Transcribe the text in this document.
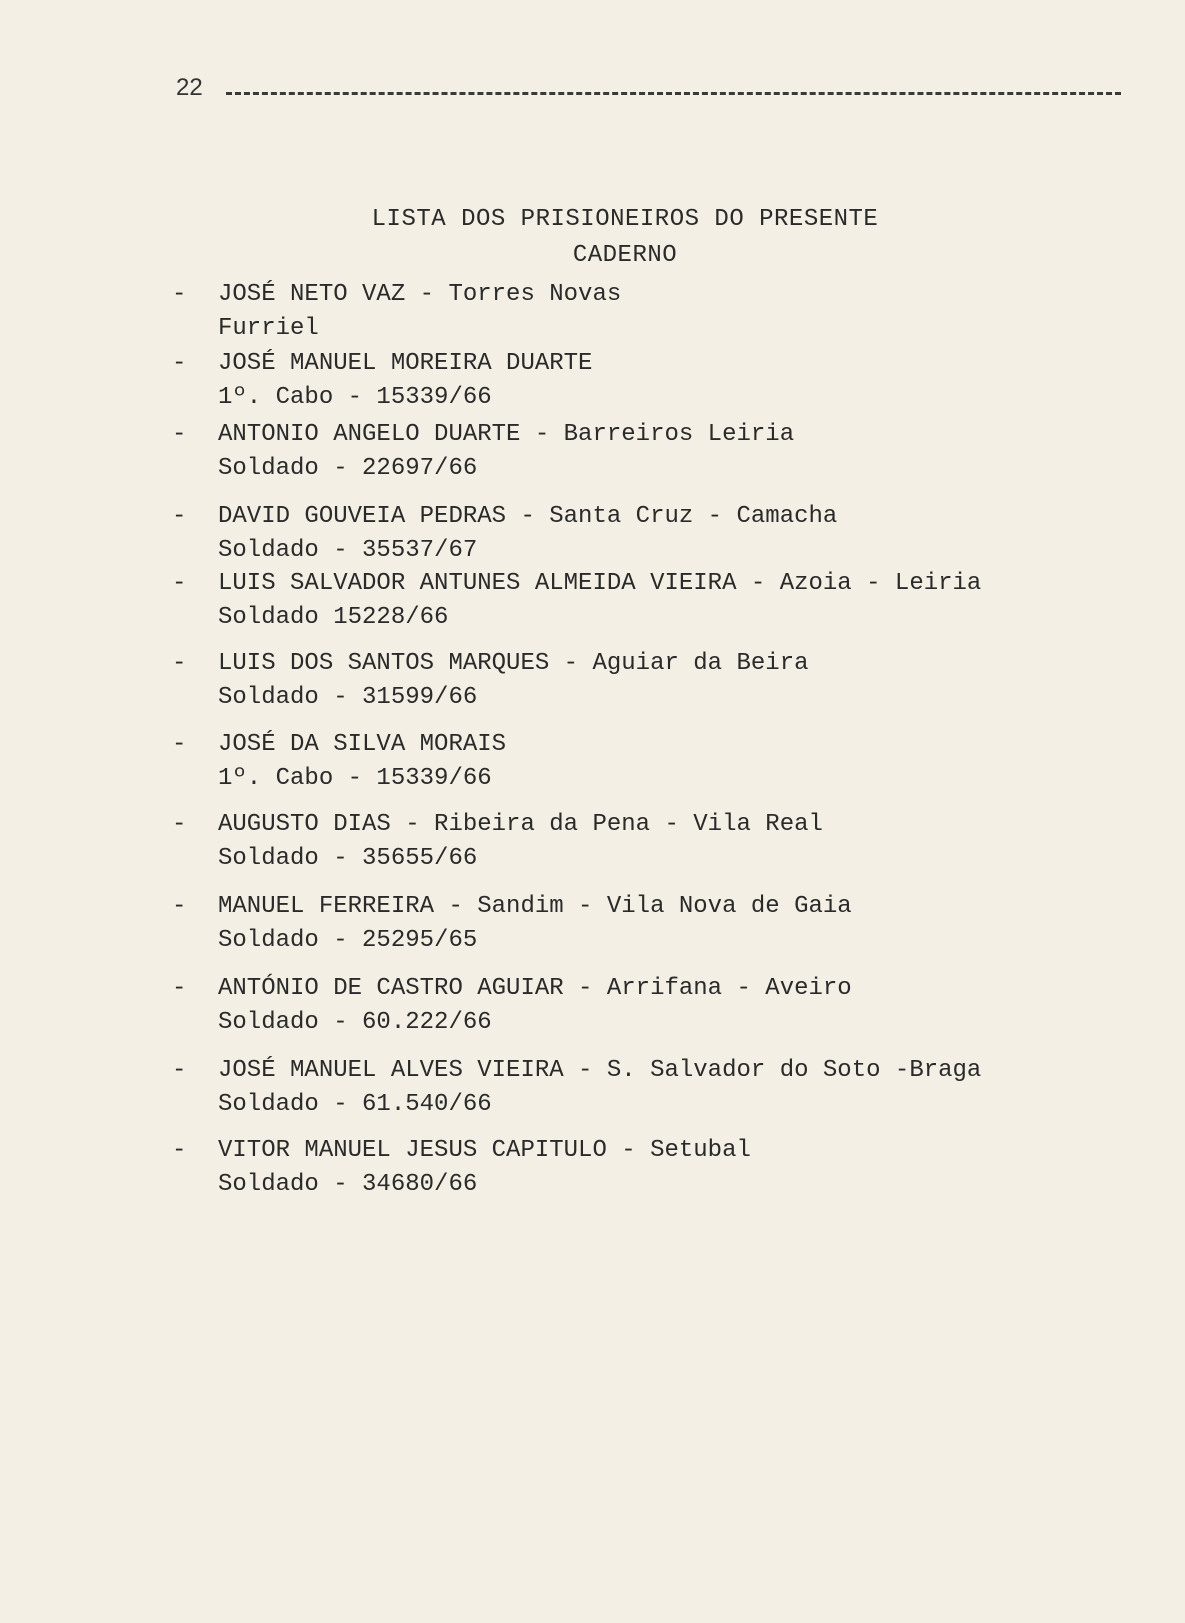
22
LISTA DOS PRISIONEIROS DO PRESENTE
CADERNO
- JOSÉ NETO VAZ - Torres Novas
Furriel
- JOSÉ MANUEL MOREIRA DUARTE
1º. Cabo - 15339/66
- ANTONIO ANGELO DUARTE - Barreiros Leiria
Soldado - 22697/66
- DAVID GOUVEIA PEDRAS - Santa Cruz - Camacha
Soldado - 35537/67
- LUIS SALVADOR ANTUNES ALMEIDA VIEIRA - Azoia - Leiria
Soldado 15228/66
- LUIS DOS SANTOS MARQUES - Aguiar da Beira
Soldado - 31599/66
- JOSÉ DA SILVA MORAIS
1º. Cabo - 15339/66
- AUGUSTO DIAS - Ribeira da Pena - Vila Real
Soldado - 35655/66
- MANUEL FERREIRA - Sandim - Vila Nova de Gaia
Soldado - 25295/65
- ANTÓNIO DE CASTRO AGUIAR - Arrifana - Aveiro
Soldado - 60.222/66
- JOSÉ MANUEL ALVES VIEIRA - S. Salvador do Soto -Braga
Soldado - 61.540/66
- VITOR MANUEL JESUS CAPITULO - Setubal
Soldado - 34680/66
